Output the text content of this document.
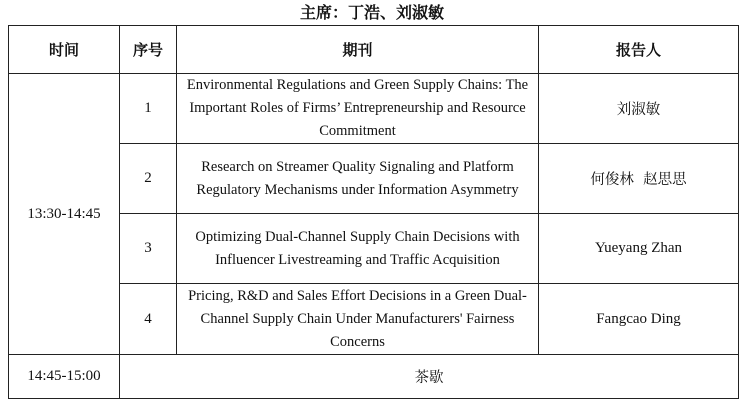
主席：丁浩、刘淑敏
时间	序号	期刊	报告人
13:30-14:45	1	Environmental Regulations and Green Supply Chains: The Important Roles of Firms’ Entrepreneurship and Resource Commitment	刘淑敏
	2	Research on Streamer Quality Signaling and Platform Regulatory Mechanisms under Information Asymmetry	何俊林  赵思思
	3	Optimizing Dual-Channel Supply Chain Decisions with Influencer Livestreaming and Traffic Acquisition	Yueyang Zhan
	4	Pricing, R&D and Sales Effort Decisions in a Green Dual-Channel Supply Chain Under Manufacturers' Fairness Concerns	Fangcao Ding
14:45-15:00	茶歇		
